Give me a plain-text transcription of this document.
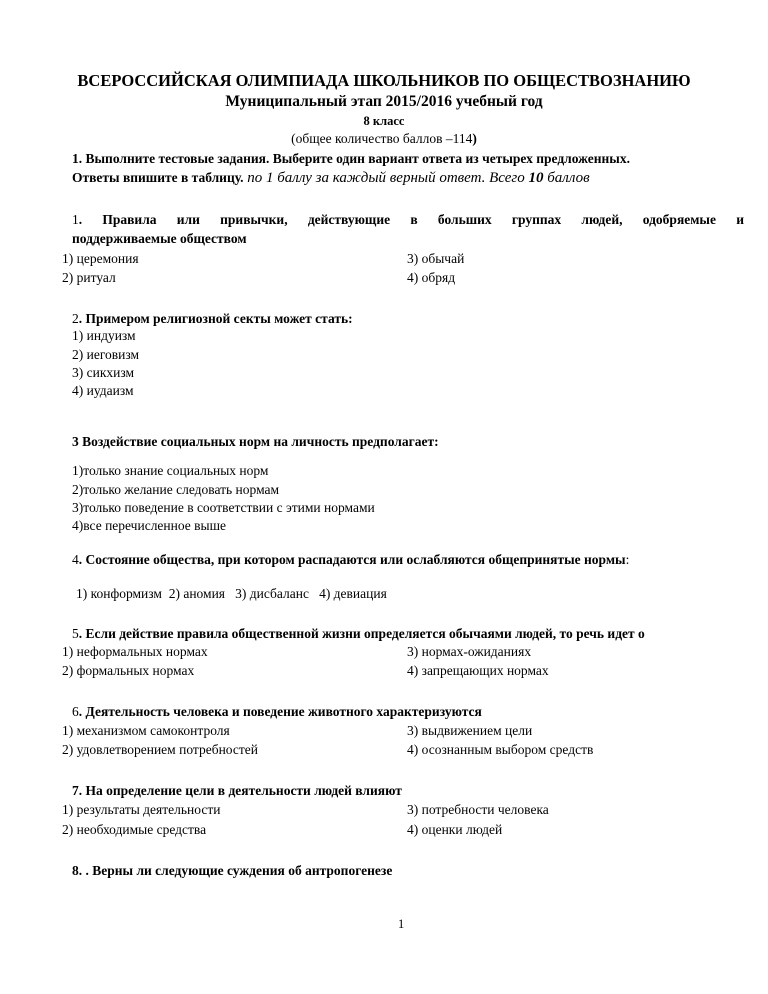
ВСЕРОССИЙСКАЯ ОЛИМПИАДА ШКОЛЬНИКОВ ПО ОБЩЕСТВОЗНАНИЮ
Муниципальный этап 2015/2016 учебный год
8 класс
(общее количество баллов –114)
1. Выполните тестовые задания. Выберите один вариант ответа из четырех предложенных.
Ответы впишите в таблицу. по 1 баллу за каждый верный ответ. Всего 10 баллов
1. Правила или привычки, действующие в больших группах людей, одобряемые и
поддерживаемые обществом
1) церемония
2) ритуал
3) обычай
4) обряд
2. Примером религиозной секты может стать:
1) индуизм
2) иеговизм
3) сикхизм
4) иудаизм
3 Воздействие социальных норм на личность предполагает:
1)только знание социальных норм
2)только желание следовать нормам
3)только поведение в соответствии с этими нормами
4)все перечисленное выше
4. Состояние общества, при котором распадаются или ослабляются общепринятые нормы:
1) конформизм  2) аномия   3) дисбаланс   4) девиация
5. Если действие правила общественной жизни определяется обычаями людей, то речь идет о
1) неформальных нормах
2) формальных нормах
3) нормах-ожиданиях
4) запрещающих нормах
6. Деятельность человека и поведение животного характеризуются
1) механизмом самоконтроля
2) удовлетворением потребностей
3) выдвижением цели
4) осознанным выбором средств
7. На определение цели в деятельности людей влияют
1) результаты деятельности
2) необходимые средства
3) потребности человека
4) оценки людей
8. . Верны ли следующие суждения об антропогенезе
1
